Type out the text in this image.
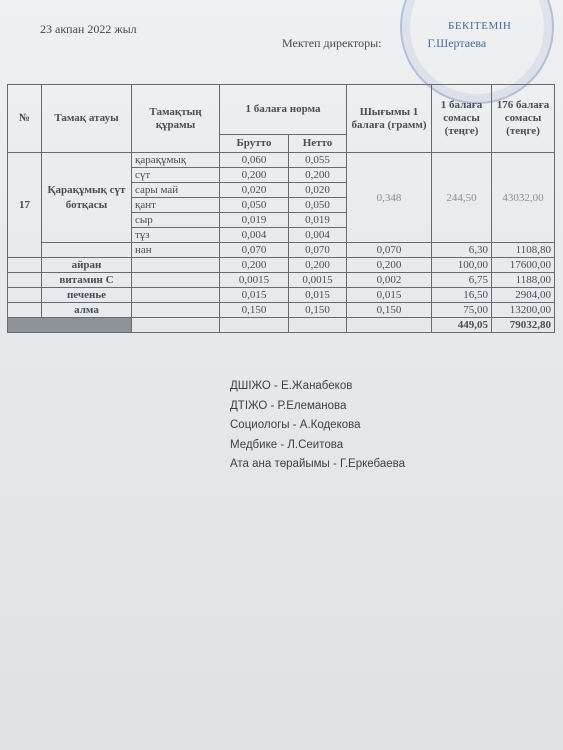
23 акпан 2022 жыл	БЕКІТЕМІН
Мектеп директоры:	Г.Шертаева
№	Тамақ атауы	Тамақтың құрамы	1 балаға норма		Шығымы 1 балаға (грамм)	1 балаға сомасы (теңге)	176 балаға сомасы (теңге)
			Брутто	Нетто			
17	Қарақұмық сүт ботқасы	қарақұмық	0,060	0,055	0,348	244,50	43032,00
		сүт	0,200	0,200			
		сары май	0,020	0,020			
		қант	0,050	0,050			
		сыр	0,019	0,019			
		тұз	0,004	0,004			
		нан	0,070	0,070	0,070	6,30	1108,80
	айран		0,200	0,200	0,200	100,00	17600,00
	витамин С		0,0015	0,0015	0,002	6,75	1188,00
	печенье		0,015	0,015	0,015	16,50	2904,00
	алма		0,150	0,150	0,150	75,00	13200,00
						449,05	79032,80
ДШІЖО - Е.Жанабеков
ДТІЖО - Р.Елеманова
Социологы - А.Кодекова
Медбике - Л.Сеитова
Ата ана төрайымы - Г.Еркебаева
